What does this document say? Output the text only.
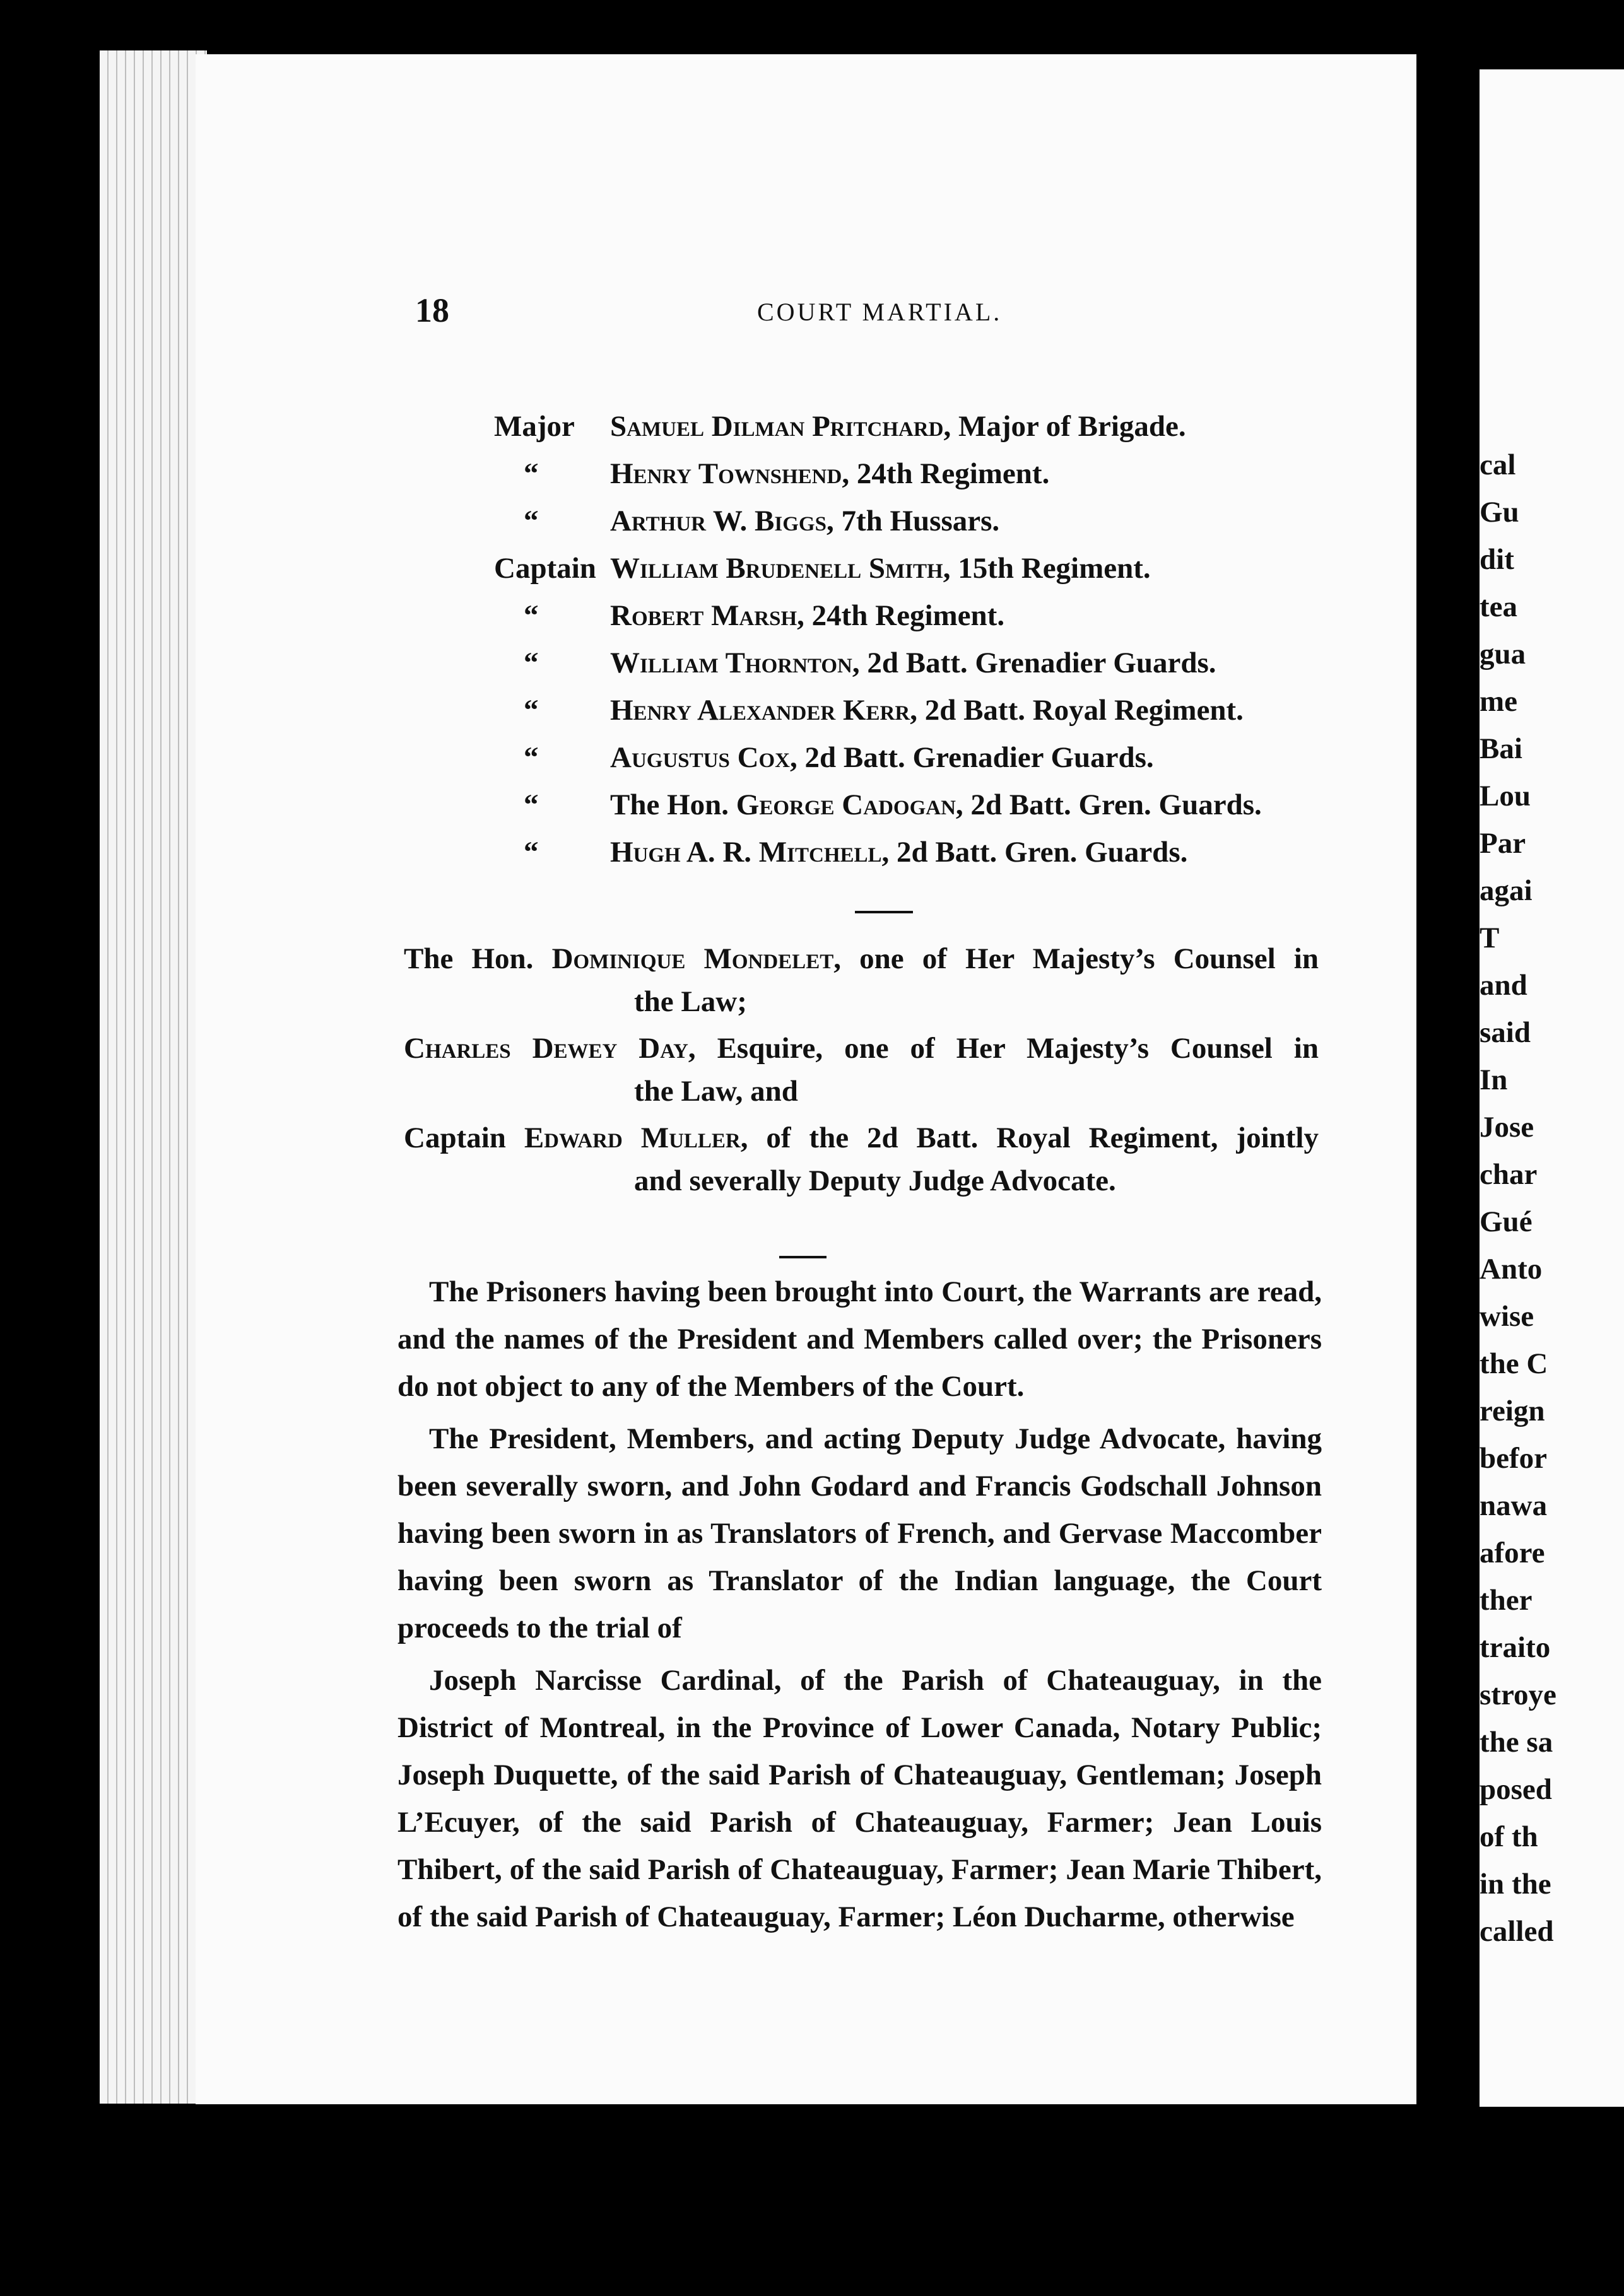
18	COURT MARTIAL.
Major Samuel Dilman Pritchard, Major of Brigade.
“ Henry Townshend, 24th Regiment.
“ Arthur W. Biggs, 7th Hussars.
Captain William Brudenell Smith, 15th Regiment.
“ Robert Marsh, 24th Regiment.
“ William Thornton, 2d Batt. Grenadier Guards.
“ Henry Alexander Kerr, 2d Batt. Royal Regiment.
“ Augustus Cox, 2d Batt. Grenadier Guards.
“ The Hon. George Cadogan, 2d Batt. Gren. Guards.
“ Hugh A. R. Mitchell, 2d Batt. Gren. Guards.
The Hon. Dominique Mondelet, one of Her Majesty’s Counsel in
the Law;
Charles Dewey Day, Esquire, one of Her Majesty’s Counsel in
the Law, and
Captain Edward Muller, of the 2d Batt. Royal Regiment, jointly
and severally Deputy Judge Advocate.

The Prisoners having been brought into Court, the Warrants are read, and the names of the President and Members called over; the Prisoners do not object to any of the Members of the Court.

The President, Members, and acting Deputy Judge Advocate, having been severally sworn, and John Godard and Francis Godschall Johnson having been sworn in as Translators of French, and Gervase Maccomber having been sworn as Translator of the Indian language, the Court proceeds to the trial of

Joseph Narcisse Cardinal, of the Parish of Chateauguay, in the District of Montreal, in the Province of Lower Canada, Notary Public; Joseph Duquette, of the said Parish of Chateauguay, Gentleman; Joseph L’Ecuyer, of the said Parish of Chateauguay, Farmer; Jean Louis Thibert, of the said Parish of Chateauguay, Farmer; Jean Marie Thibert, of the said Parish of Chateauguay, Farmer; Léon Ducharme, otherwise

cal
Gu
dit
tea
gua
me
Bai
Lou
Par
agai
T
and
said
In
Jose
char
Gué
Anto
wise
the C
reign
befor
nawa
afore
ther
traito
stroye
the sa
posed
of th
in the
called
